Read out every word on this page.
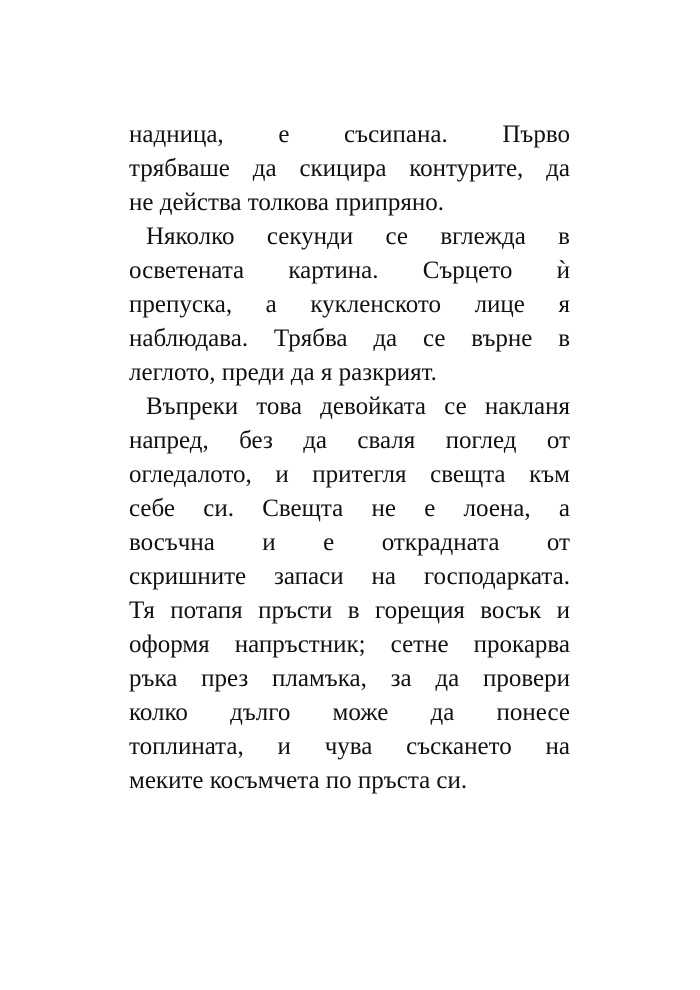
надница, е съсипана. Първо
трябваше да скицира контурите, да
не действа толкова припряно.
Няколко секунди се вглежда в
осветената картина. Сърцето ѝ
препуска, а кукленското лице я
наблюдава. Трябва да се върне в
леглото, преди да я разкрият.
Въпреки това девойката се накланя
напред, без да сваля поглед от
огледалото, и притегля свещта към
себе си. Свещта не е лоена, а
восъчна и е открадната от
скришните запаси на господарката.
Тя потапя пръсти в горещия восък и
оформя напръстник; сетне прокарва
ръка през пламъка, за да провери
колко дълго може да понесе
топлината, и чува съскането на
меките косъмчета по пръста си.
